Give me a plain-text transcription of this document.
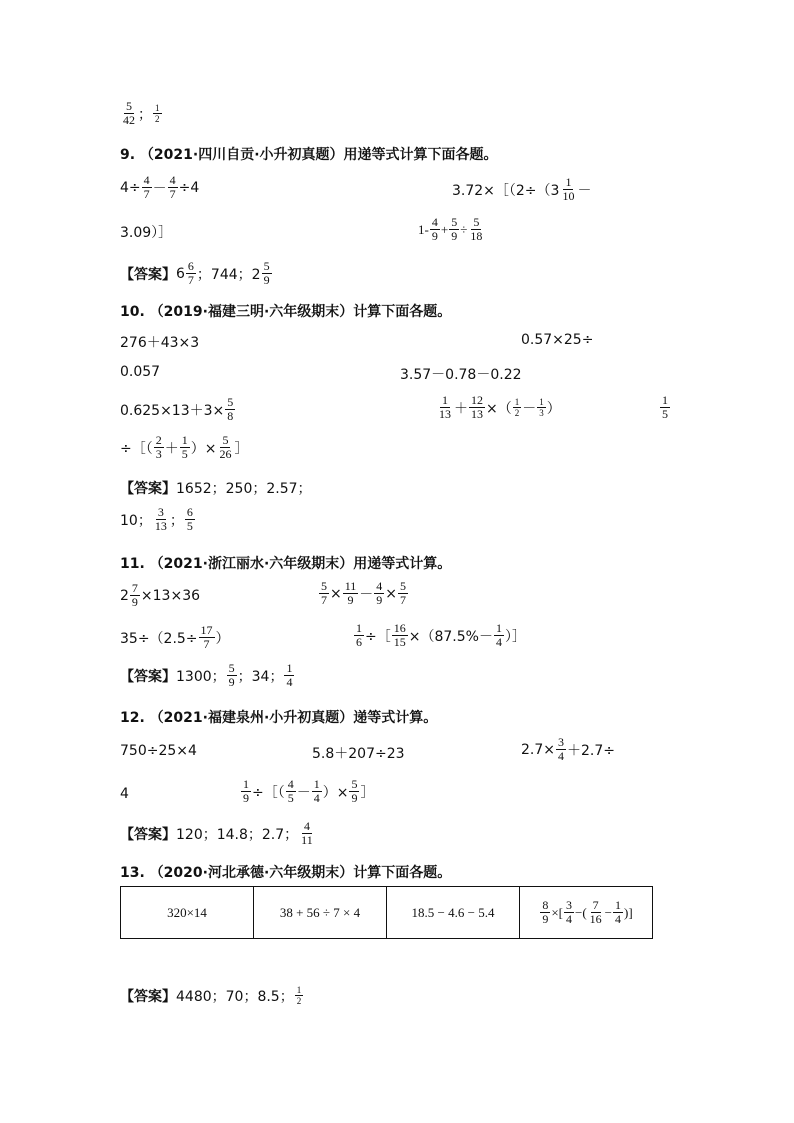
$\frac{5}{42}$ ； $\frac{1}{2}$
9. （2021·四川自贡·小升初真题）用递等式计算下面各题。
$4\div \frac{4}{7} - \frac{4}{7} \div 4$	3.72×［（2÷（3 $\frac{1}{10}$ －
3.09）］	$1- \frac{4}{9} + \frac{5}{9} \div \frac{5}{18}$
【答案】 $6 \frac{6}{7}$ ；744；$2 \frac{5}{9}$
10. （2019·福建三明·六年级期末）计算下面各题。
276＋43×3	0.57×25÷
0.057	3.57－0.78－0.22
$0.625\times 13+3\times \frac{5}{8}$	$\frac{1}{13} + \frac{12}{13}$ ×（ $\frac{1}{2} - \frac{1}{3}$ ）	$\frac{1}{5}$
÷［（ $\frac{2}{3} + \frac{1}{5}$ ）× $\frac{5}{26}$ ］
【答案】 1652；250；2.57；
10； $\frac{3}{13}$ ； $\frac{6}{5}$
11. （2021·浙江丽水·六年级期末）用递等式计算。
$2 \frac{7}{9} \times 13\times 36$	$\frac{5}{7} \times \frac{11}{9} - \frac{4}{9} \times \frac{5}{7}$
$35\div(2.5\div \frac{17}{7}$ ）	$\frac{1}{6}$ ÷［ $\frac{16}{15} \times(87.5\%- \frac{1}{4}$ ）］
【答案】 1300； $\frac{5}{9}$ ；34； $\frac{1}{4}$
12. （2021·福建泉州·小升初真题）递等式计算。
750÷25×4	5.8＋207÷23	$2.7\times \frac{3}{4} +2.7\div$
4	$\frac{1}{9}$ ÷［（ $\frac{4}{5} - \frac{1}{4}$ ）× $\frac{5}{9}$ ］
【答案】 120；14.8；2.7； $\frac{4}{11}$
13. （2020·河北承德·六年级期末）计算下面各题。
320×14	38 + 56 ÷ 7 × 4	18.5 − 4.6 − 5.4	$\frac{8}{9}$ ×[ $\frac{3}{4}$ −( $\frac{7}{16} - \frac{1}{4}$ )]
【答案】 4480；70；8.5； $\frac{1}{2}$
